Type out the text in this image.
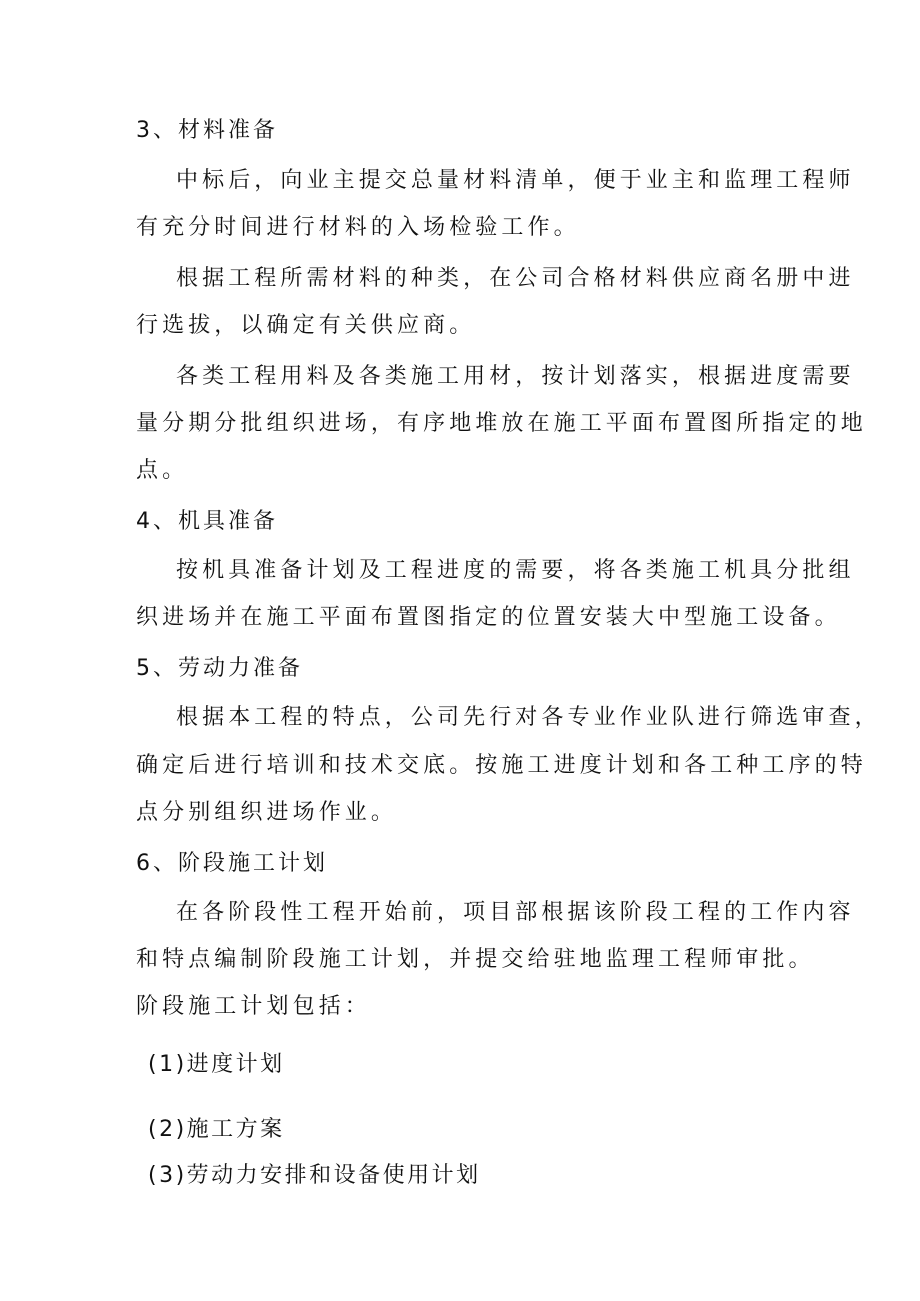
3、材料准备
中标后，向业主提交总量材料清单，便于业主和监理工程师
有充分时间进行材料的入场检验工作。
根据工程所需材料的种类，在公司合格材料供应商名册中进
行选拔，以确定有关供应商。
各类工程用料及各类施工用材，按计划落实，根据进度需要
量分期分批组织进场，有序地堆放在施工平面布置图所指定的地
点。
4、机具准备
按机具准备计划及工程进度的需要，将各类施工机具分批组
织进场并在施工平面布置图指定的位置安装大中型施工设备。
5、劳动力准备
根据本工程的特点，公司先行对各专业作业队进行筛选审查，
确定后进行培训和技术交底。按施工进度计划和各工种工序的特
点分别组织进场作业。
6、阶段施工计划
在各阶段性工程开始前，项目部根据该阶段工程的工作内容
和特点编制阶段施工计划，并提交给驻地监理工程师审批。
阶段施工计划包括：
(1)进度计划
(2)施工方案
(3)劳动力安排和设备使用计划
